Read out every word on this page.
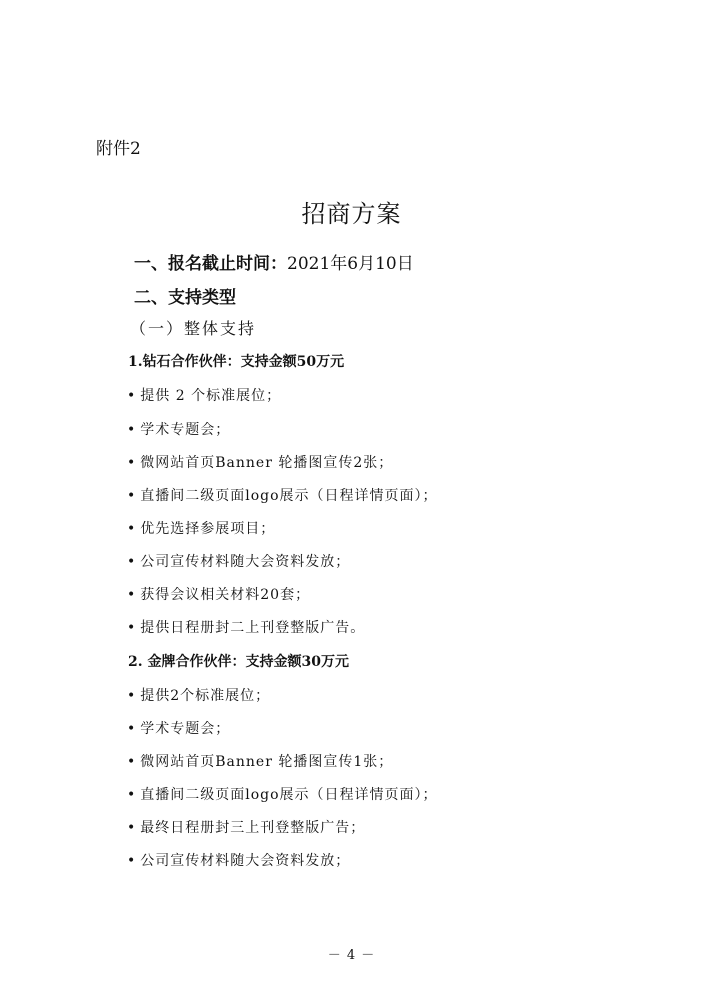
附件2
招商方案
一、报名截止时间：2021年6月10日
二、支持类型
（一）整体支持
1.钻石合作伙伴：支持金额50万元
• 提供 2 个标准展位；
• 学术专题会；
• 微网站首页Banner 轮播图宣传2张；
• 直播间二级页面logo展示（日程详情页面）；
• 优先选择参展项目；
• 公司宣传材料随大会资料发放；
• 获得会议相关材料20套；
• 提供日程册封二上刊登整版广告。
2. 金牌合作伙伴：支持金额30万元
• 提供2个标准展位；
• 学术专题会；
• 微网站首页Banner 轮播图宣传1张；
• 直播间二级页面logo展示（日程详情页面）；
• 最终日程册封三上刊登整版广告；
• 公司宣传材料随大会资料发放；
－ 4 －
